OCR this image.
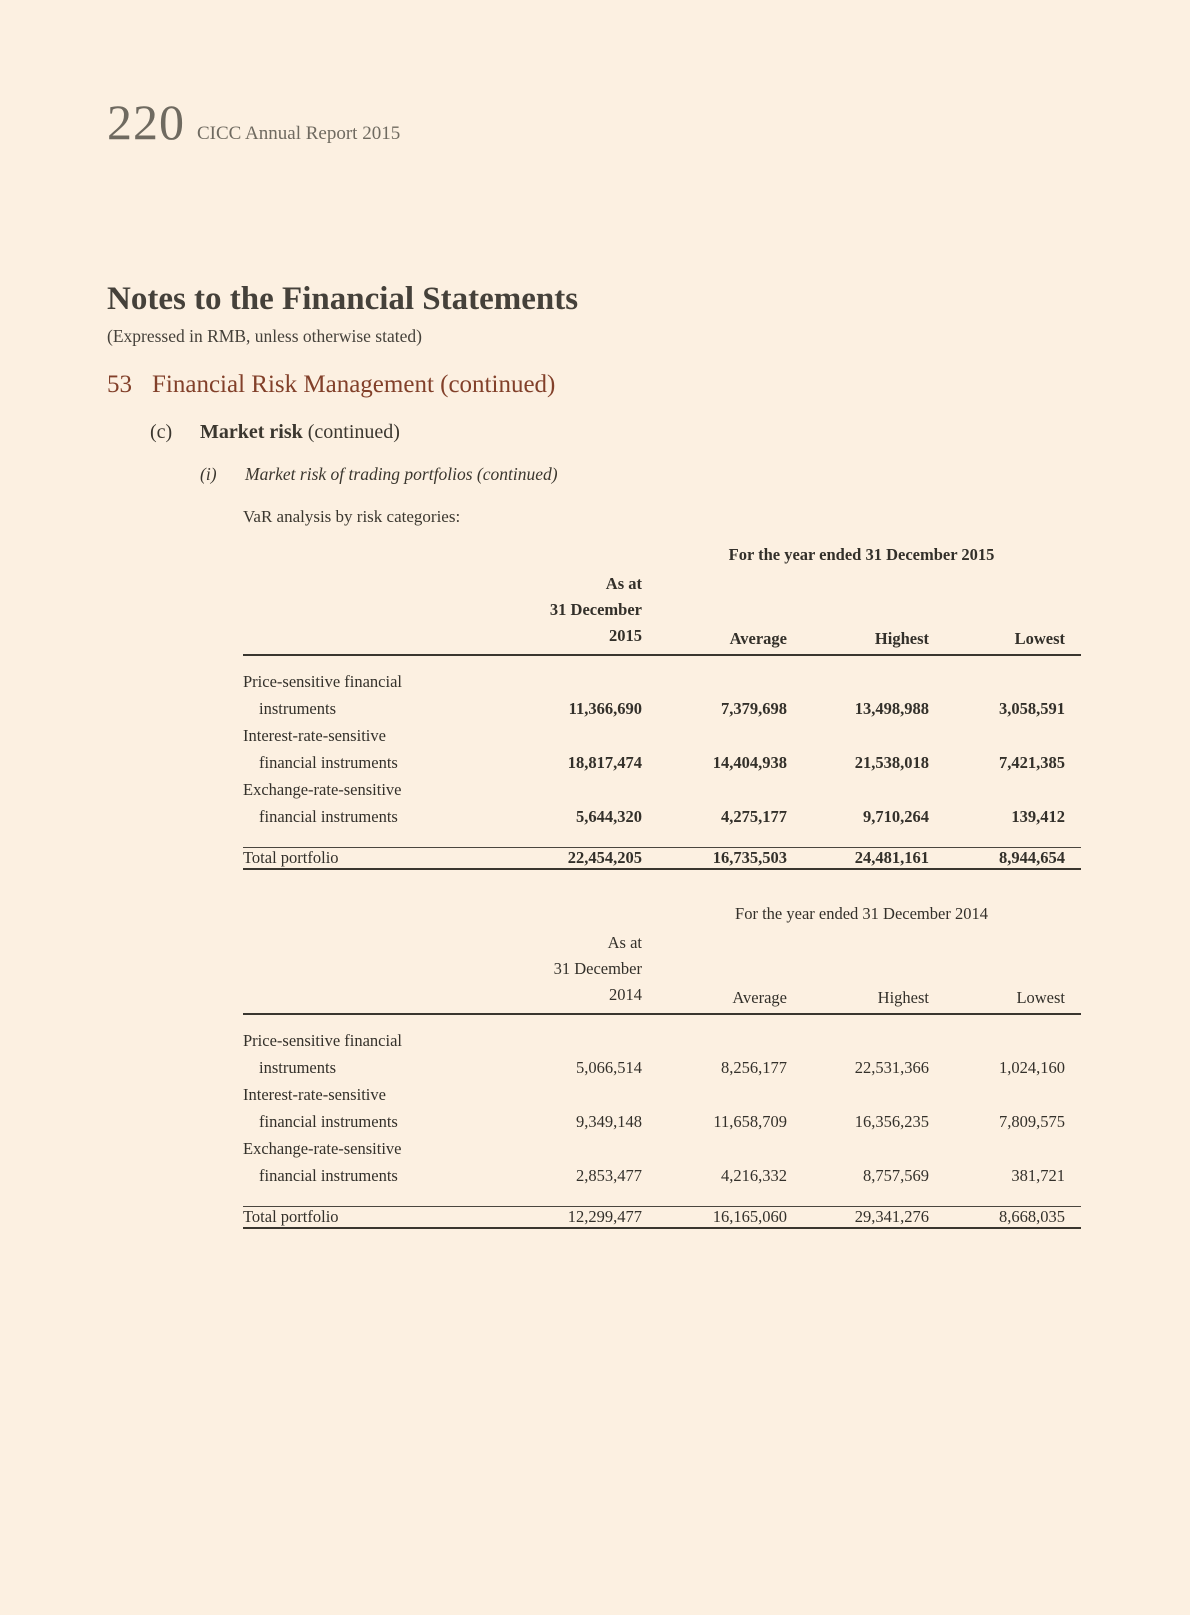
220 CICC Annual Report 2015
Notes to the Financial Statements
(Expressed in RMB, unless otherwise stated)
53 Financial Risk Management (continued)
(c)	Market risk (continued)
(i)	Market risk of trading portfolios (continued)
VaR analysis by risk categories:
		For the year ended 31 December 2015		

	As at
31 December
2015	Average	Highest	Lowest
Price-sensitive financial				
instruments	11,366,690	7,379,698	13,498,988	3,058,591
Interest-rate-sensitive				
financial instruments	18,817,474	14,404,938	21,538,018	7,421,385
Exchange-rate-sensitive				
financial instruments	5,644,320	4,275,177	9,710,264	139,412
Total portfolio	22,454,205	16,735,503	24,481,161	8,944,654
		For the year ended 31 December 2014		

	As at
31 December
2014	Average	Highest	Lowest
Price-sensitive financial				
instruments	5,066,514	8,256,177	22,531,366	1,024,160
Interest-rate-sensitive				
financial instruments	9,349,148	11,658,709	16,356,235	7,809,575
Exchange-rate-sensitive				
financial instruments	2,853,477	4,216,332	8,757,569	381,721
Total portfolio	12,299,477	16,165,060	29,341,276	8,668,035
